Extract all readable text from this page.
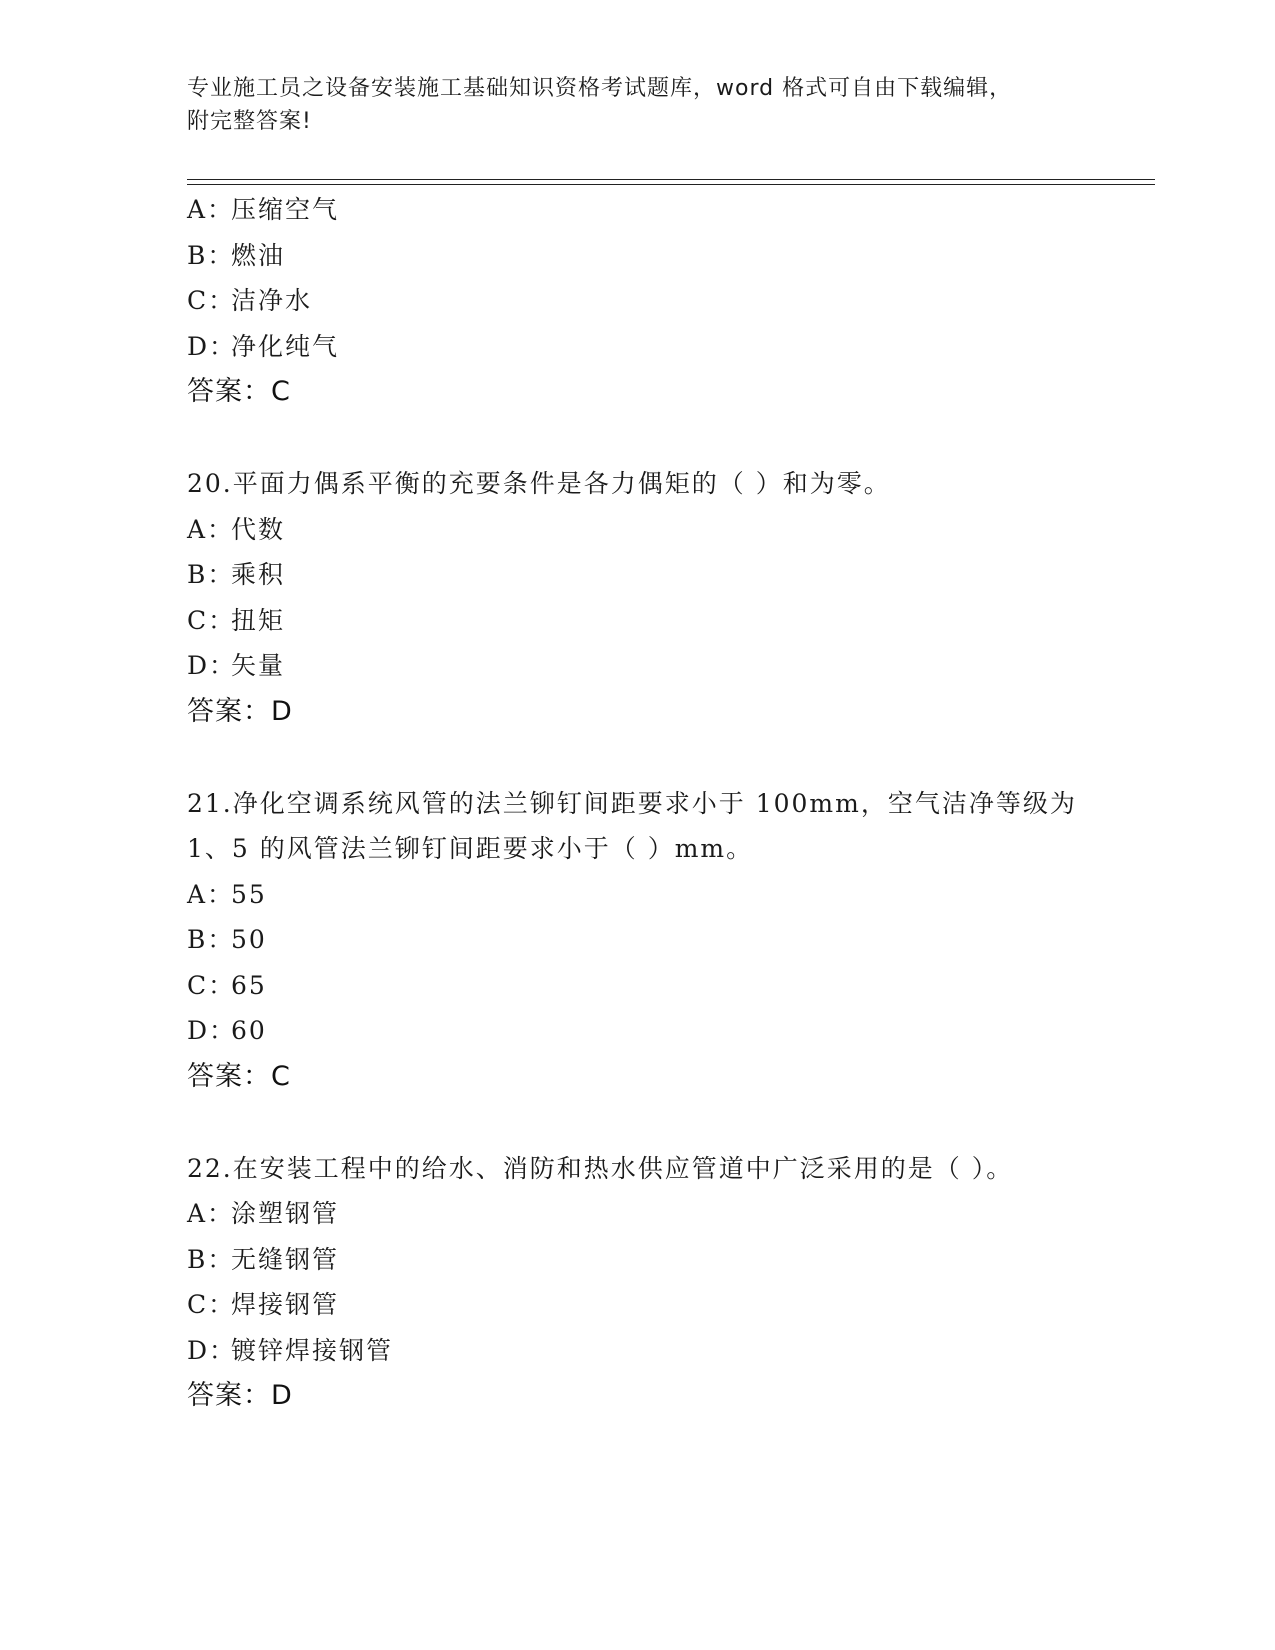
专业施工员之设备安装施工基础知识资格考试题库，word 格式可自由下载编辑，
附完整答案!
A：
压缩空气
B：
燃油
C：
洁净水
D：
净化纯气
答案：C

20.平面力偶系平衡的充要条件是各力偶矩的（ ）和为零。

A：
代数
B：
乘积
C：
扭矩
D：
矢量
答案：D

21.净化空调系统风管的法兰铆钉间距要求小于 100mm，空气洁净等级为 1、5 的风管法兰铆钉间距要求小于（ ）mm。

A：
55
B：
50
C：
65
D：
60
答案：C

22.在安装工程中的给水、消防和热水供应管道中广泛采用的是（ ）。

A：
涂塑钢管
B：
无缝钢管
C：
焊接钢管
D：
镀锌焊接钢管
答案：D
